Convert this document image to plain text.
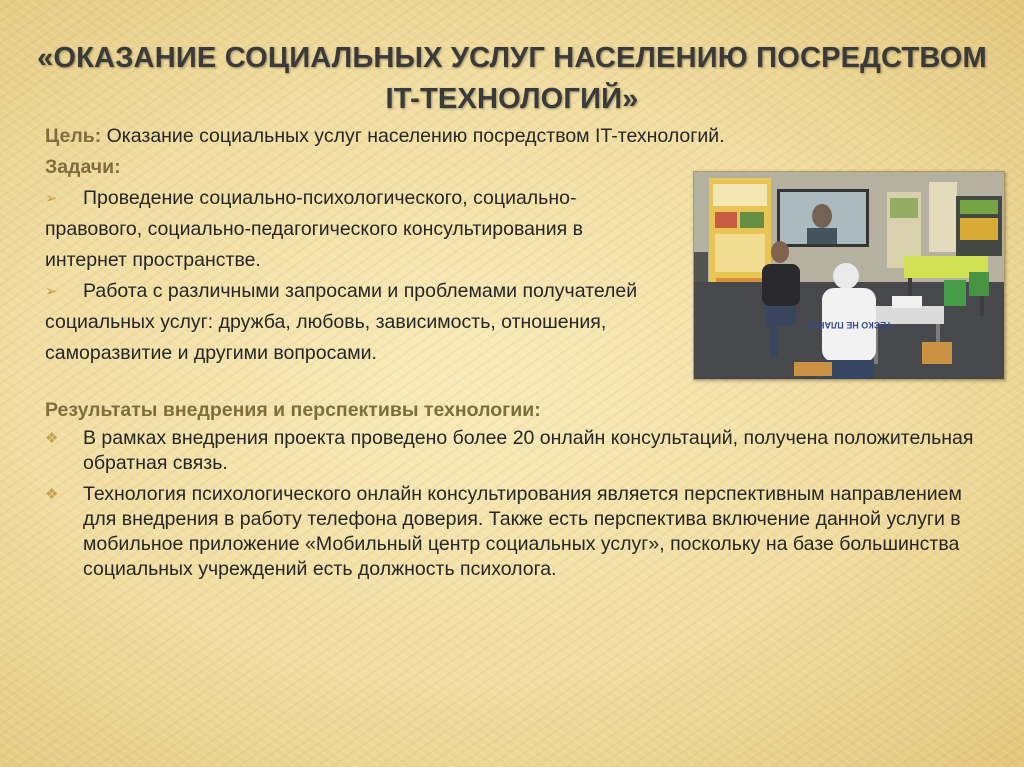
«ОКАЗАНИЕ СОЦИАЛЬНЫХ УСЛУГ НАСЕЛЕНИЮ ПОСРЕДСТВОМ
IT-ТЕХНОЛОГИЙ»
Цель: Оказание социальных услуг населению посредством IT-технологий.
Задачи:
➢	Проведение социально-психологического, социально-правового, социально-педагогического консультирования в интернет пространстве.
➢	Работа с различными запросами и проблемами получателей социальных услуг: дружба, любовь, зависимость, отношения, саморазвитие и другими вопросами.
Результаты внедрения и перспективы технологии:
❖ В рамках внедрения проекта проведено более 20 онлайн консультаций, получена положительная обратная связь.
❖ Технология психологического онлайн консультирования является перспективным направлением для внедрения в работу телефона доверия. Также есть перспектива включение данной услуги в мобильное приложение «Мобильный центр социальных услуг», поскольку на базе большинства социальных учреждений есть должность психолога.
ТЕСКО НЕ ПЛАКСА
